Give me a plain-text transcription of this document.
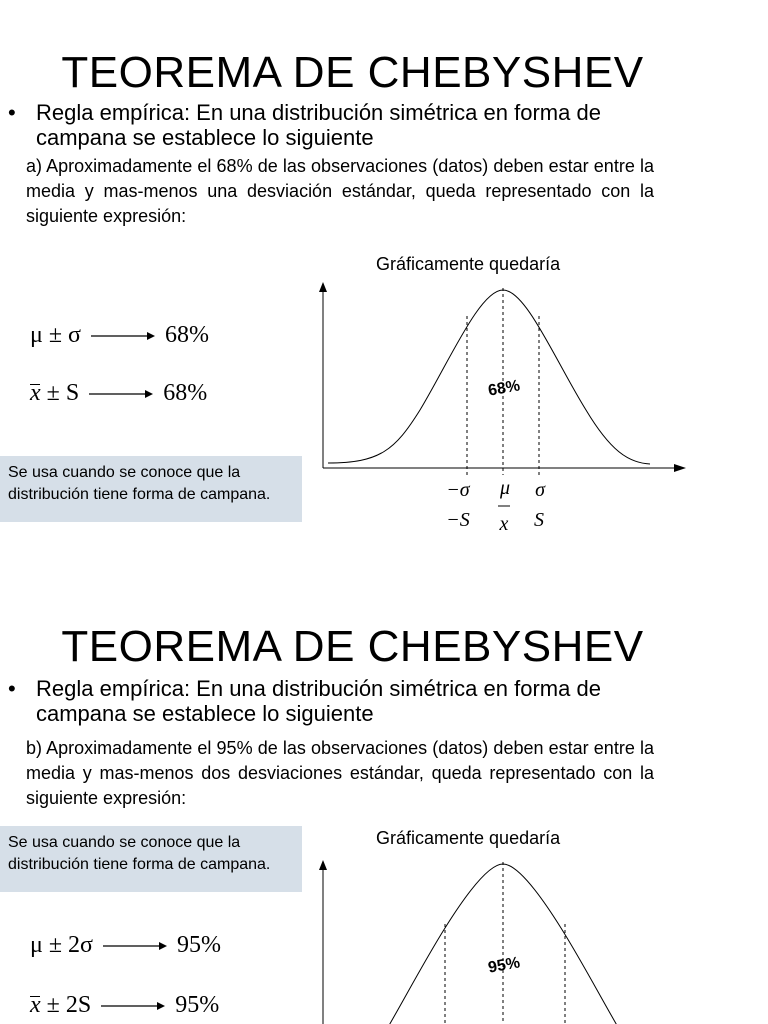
TEOREMA DE CHEBYSHEV
• Regla empírica: En una distribución simétrica en forma de campana se establece lo siguiente
a) Aproximadamente el 68% de las observaciones (datos) deben estar entre la media y mas-menos una desviación estándar, queda representado con la siguiente expresión:
Gráficamente quedaría
μ ± σ	68%
x ± S	68%
Se usa cuando se conoce que la distribución tiene forma de campana.
68%
−σ μ σ
−S x S
TEOREMA DE CHEBYSHEV
• Regla empírica: En una distribución simétrica en forma de campana se establece lo siguiente
b) Aproximadamente el 95% de las observaciones (datos) deben estar entre la media y mas-menos dos desviaciones estándar, queda representado con la siguiente expresión:
Se usa cuando se conoce que la distribución tiene forma de campana.
Gráficamente quedaría
μ ± 2σ	95%
x ± 2S	95%
95%
